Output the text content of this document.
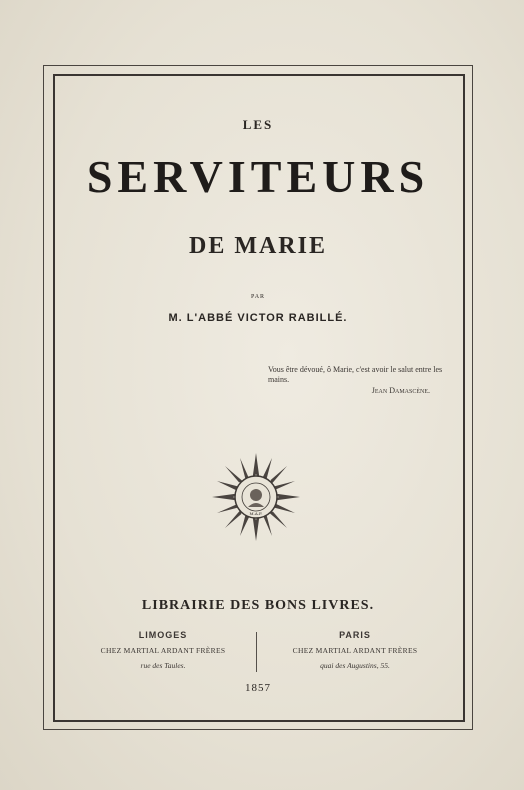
LES
SERVITEURS
DE MARIE
PAR
M. L'ABBÉ VICTOR RABILLÉ.
Vous être dévoué, ô Marie, c'est avoir le salut entre les mains.
Jean Damascène.
M.A.F.
LIBRAIRIE DES BONS LIVRES.
LIMOGES
CHEZ MARTIAL ARDANT FRÈRES
rue des Taules.
PARIS
CHEZ MARTIAL ARDANT FRÈRES
quai des Augustins, 55.
1857
